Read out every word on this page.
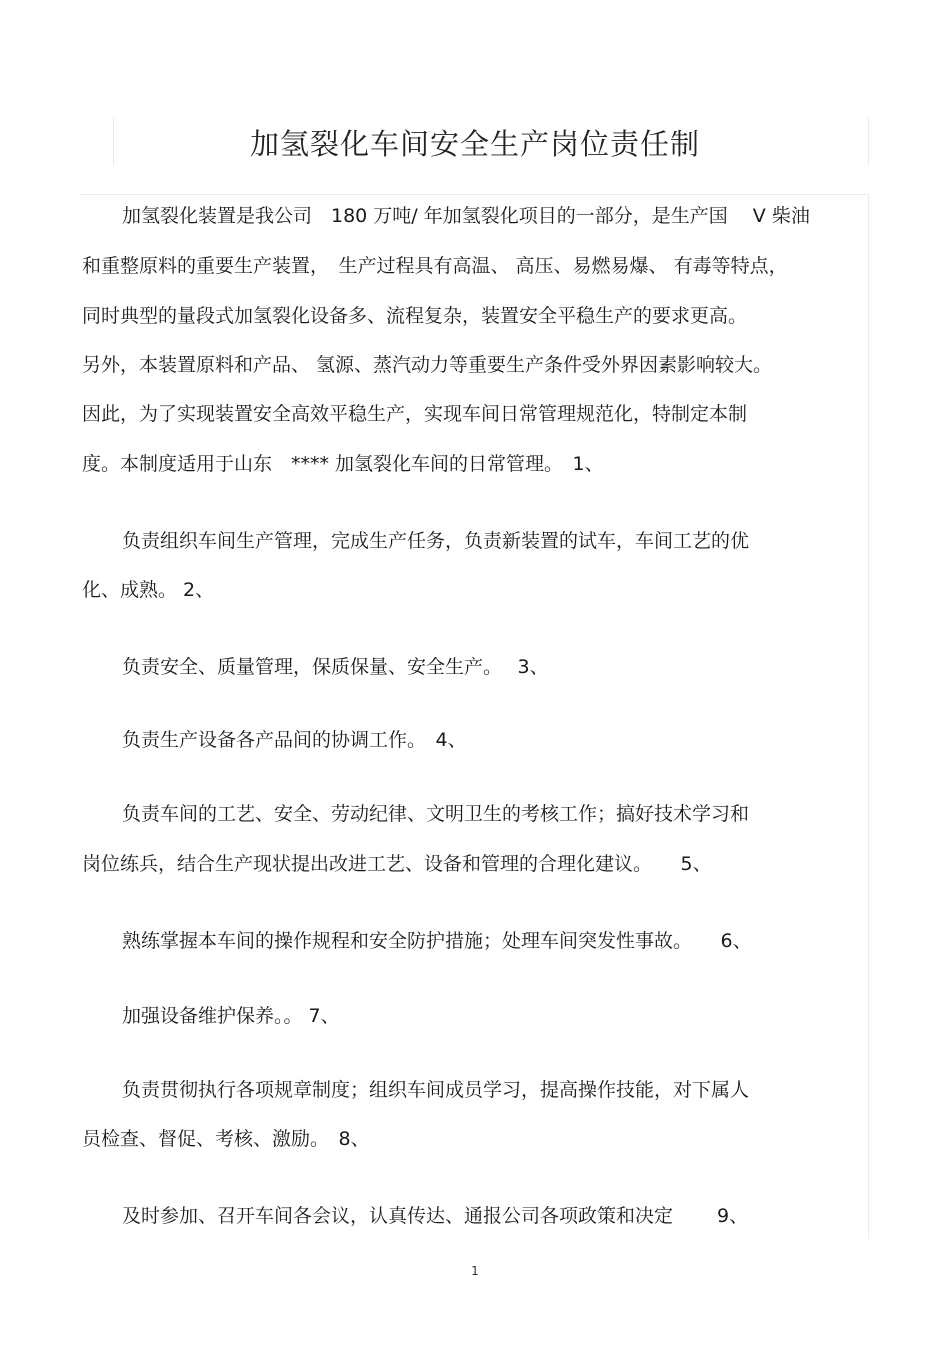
加氢裂化车间安全生产岗位责任制
加氢裂化装置是我公司　180 万吨/ 年加氢裂化项目的一部分，是生产国　 V 柴油
和重整原料的重要生产装置，　生产过程具有高温、 高压、易燃易爆、 有毒等特点，
同时典型的量段式加氢裂化设备多、流程复杂，装置安全平稳生产的要求更高。
另外，本装置原料和产品、 氢源、蒸汽动力等重要生产条件受外界因素影响较大。
因此，为了实现装置安全高效平稳生产，实现车间日常管理规范化，特制定本制
度。本制度适用于山东　**** 加氢裂化车间的日常管理。　1、
负责组织车间生产管理，完成生产任务，负责新装置的试车，车间工艺的优
化、成熟。 2、
负责安全、质量管理，保质保量、安全生产。　 3、
负责生产设备各产品间的协调工作。　4、
负责车间的工艺、安全、劳动纪律、文明卫生的考核工作；搞好技术学习和
岗位练兵，结合生产现状提出改进工艺、设备和管理的合理化建议。　　5、
熟练掌握本车间的操作规程和安全防护措施；处理车间突发性事故。　　6、
加强设备维护保养。。 7、
负责贯彻执行各项规章制度；组织车间成员学习，提高操作技能，对下属人
员检查、督促、考核、激励。　8、
及时参加、召开车间各会议，认真传达、通报公司各项政策和决定　　 9、
1
